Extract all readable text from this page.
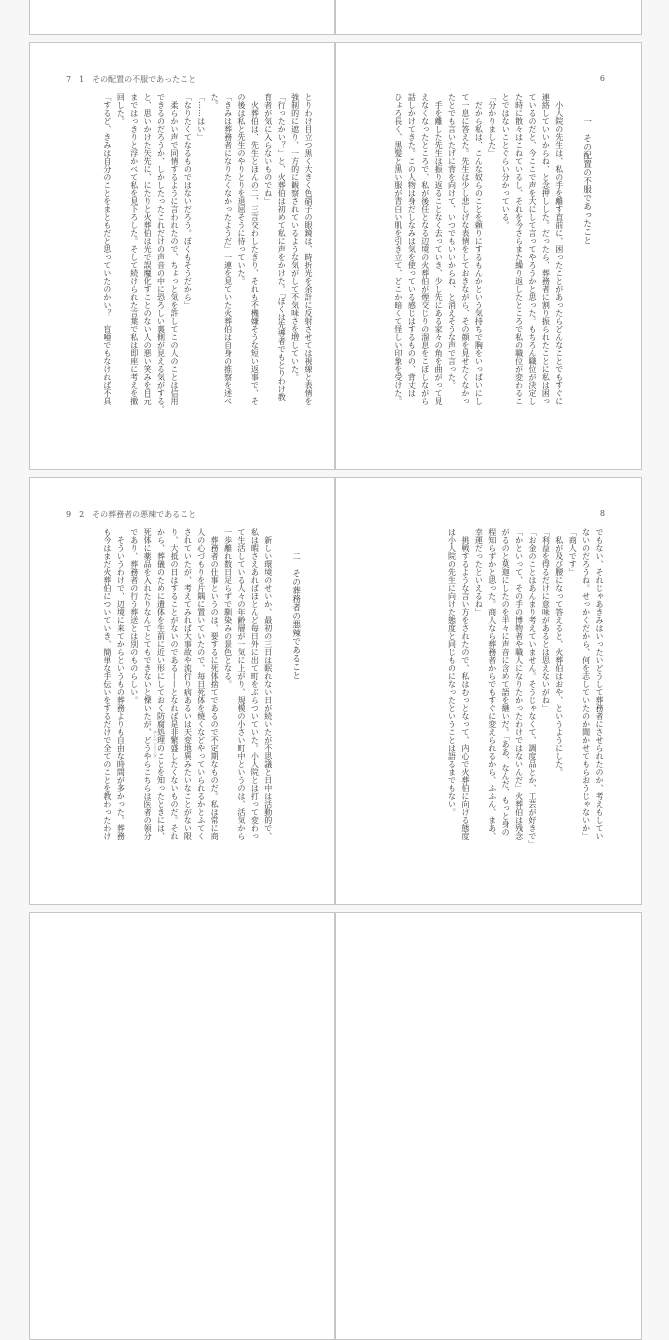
7　1　その配置の不服であったこと
とりわけ目立つ黒く大きく色硝子の眼鏡は、時折光を余計に反射させては視線と表情を
強制的に遮り、一方的に観察されているような気がして不気味さを増していた。
「行ったかい？」と、火葬伯は初めて私に声をかけた。「ぼくは先導者でもとりわけ教
育者が気に入らないものでね」
　火葬伯は、先生とほんの二、三言交わしたきり、それも不機嫌そうな短い返事で、そ
の後は私と先生のやりとりを退屈そうに待っていた。
「きみは葬務者になりたくなかったようだ」一連を見ていた火葬伯は自身の推察を述べ
た。
「……はい」
「なりたくてなるものではないだろう。ぼくもそうだから」
　柔らかい声で同情するように言われたので、ちょっと気を許してこの人のことは信用
できるのだろうか、しかしたったこれだけの声音の中に恐ろしい裏側が見える気がする。
と、思いかけた矢先に、にたりと火葬伯は光で誤魔化すことのない人の悪い笑みを目元
まではっきりと浮かべて私を見下ろした。そして続けられた言葉で私は即座に考えを撤
回した。
「するど、きみは自分のことをまともだと思っていたのかい？　盲唖でもなければ不具
6
一　その配置の不服であったこと
　小人院の先生は、私の手を離す直前に、困ったことがあったらどんなことでもすぐに
連絡していいからね、と念押しした。だったら、葬務者に割り振られたことに私は困っ
ているのだと、今ここで声を大にして言ってやろうかと思った。もちろん職位が決定し
た時に散々はこねているし、それを今さらまた繰り返したところで私の職位が変わるこ
とではないことぐらい分かっている。
「分かりました」
　だから私は、こんな奴らのことを頼りにするもんかという気持ちで胸をいっぱいにし
て一息に答えた。先生は少し悲しげな表情をしておきながら、その顔を見せたくなかっ
たとでも言いたげに背を向けて、いつでもいいからね、と消えそうな声で言った。
　手を離した先生は振り返ることなく去っていき、少し先にある家々の角を曲がって見
えなくなったところで、私が後任となる辺境の火葬伯が煙交じりの溜息をこぼしながら
話しかけてきた。この人物は身だしなみは気を使っている感じはするものの、背丈は
ひょろ長く、黒髪と黒い服が青白い肌を引き立て、どこか暗くて怪しい印象を受けた。
9　2　その葬務者の悪辣であること
二　その葬務者の悪辣であること
　新しい環境のせいか、最初の三日は眠れない日が続いたが不思議と日中は活動的で、
私は暇さえあればほとんど毎日外に出て町をぶらついていた。小人院とは打って変わっ
て生活している人々の年齢層が一気に上がり、規模の小さい町中というのは、活気から
一歩離れ数日足らずで馴染みの景色となる。
　葬務者の仕事というのは、要するに死体捨てであるので不定期なものだ。私は常に商
人の心づもりを片隅に置いていたので、毎日死体を焼くなどやっていられるかとふてく
されていたが、考えてみれば大事故や流行り病あるいは天変地異みたいなことがない限
り、大抵の日はすることがないのである——となれば是非繁盛したくないものだ。それ
から、葬儀のために遺体を生前に近い形にしておく防腐処理のことを知ったときには、
死体に薬品を入れたりなんてとてもできないと慄いたが、どうやらこちらは医者の領分
であり、葬務者の行う葬送とは別のものらしい。
　そういうわけで、辺境に来てからというもの葬務よりも自由な時間が多かった。葬務
も今はまだ火葬伯についていき、簡単な手伝いをするだけで全てのことを教わったわけ	エンバーミング
8
でもない、それじゃあきみはいったいどうして葬務者にさせられたのか、考えもしてい
ないのだろうね。せっかくだから、何を志していたのか聞かせてもらおうじゃないか」
「商人です」
　私が及び腰になって答えると、火葬伯はおや、というようにした。
「利益を得るだけに意味があるとは思えないがね」
「お金のことはあんまり考えていません。そうじゃなくて、調度品とか、工芸が好きで」
「かといって、その手の博物者や職人になりたかったわけではないんだ」火葬伯は残念
がるのと莫迦にしたのを半々に声音に含めて語を継いだ。「ああ、なんだ、もっと身の
程知らずかと思った。商人なら葬務者からでもすぐに変えられるから、ふふん、まあ、
幸運だったといえるね」
　挑戦するような言い方をされたので、私はむっとなって、内心で火葬伯に向ける態度
は小人院の先生に向けた態度と同じものになったということは語るまでもない。
